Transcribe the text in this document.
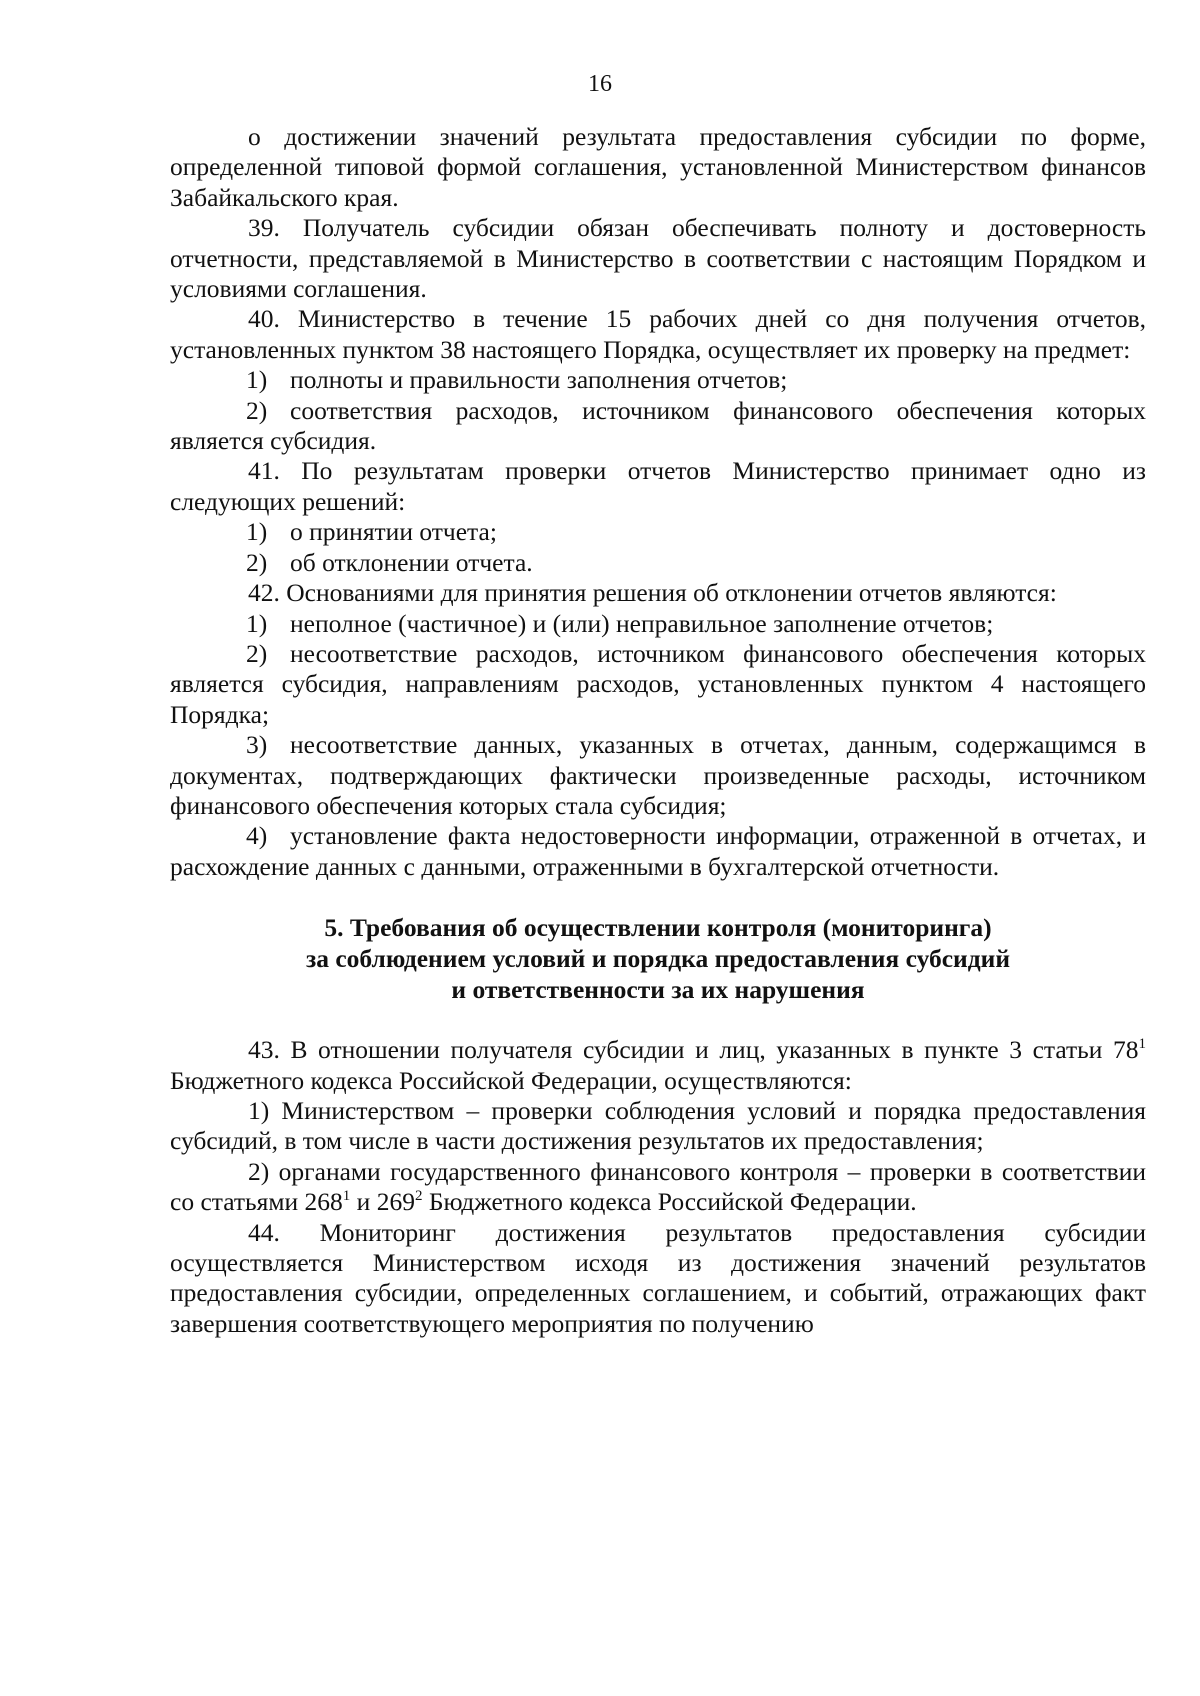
16

о достижении значений результата предоставления субсидии по форме, определенной типовой формой соглашения, установленной Министерством финансов Забайкальского края.

39. Получатель субсидии обязан обеспечивать полноту и достоверность отчетности, представляемой в Министерство в соответствии с настоящим Порядком и условиями соглашения.

40. Министерство в течение 15 рабочих дней со дня получения отчетов, установленных пунктом 38 настоящего Порядка, осуществляет их проверку на предмет:

1) полноты и правильности заполнения отчетов;

2) соответствия расходов, источником финансового обеспечения которых является субсидия.

41. По результатам проверки отчетов Министерство принимает одно из следующих решений:

1) о принятии отчета;

2) об отклонении отчета.

42. Основаниями для принятия решения об отклонении отчетов являются:

1) неполное (частичное) и (или) неправильное заполнение отчетов;

2) несоответствие расходов, источником финансового обеспечения которых является субсидия, направлениям расходов, установленных пунктом 4 настоящего Порядка;

3) несоответствие данных, указанных в отчетах, данным, содержащимся в документах, подтверждающих фактически произведенные расходы, источником финансового обеспечения которых стала субсидия;

4) установление факта недостоверности информации, отраженной в отчетах, и расхождение данных с данными, отраженными в бухгалтерской отчетности.

5. Требования об осуществлении контроля (мониторинга)

за соблюдением условий и порядка предоставления субсидий

и ответственности за их нарушения

43. В отношении получателя субсидии и лиц, указанных в пункте 3 статьи $78^1$ Бюджетного кодекса Российской Федерации, осуществляются:

1) Министерством – проверки соблюдения условий и порядка предоставления субсидий, в том числе в части достижения результатов их предоставления;

2) органами государственного финансового контроля – проверки в соответствии со статьями $268^1$ и $269^2$ Бюджетного кодекса Российской Федерации.

44. Мониторинг достижения результатов предоставления субсидии осуществляется Министерством исходя из достижения значений результатов предоставления субсидии, определенных соглашением, и событий, отражающих факт завершения соответствующего мероприятия по получению
